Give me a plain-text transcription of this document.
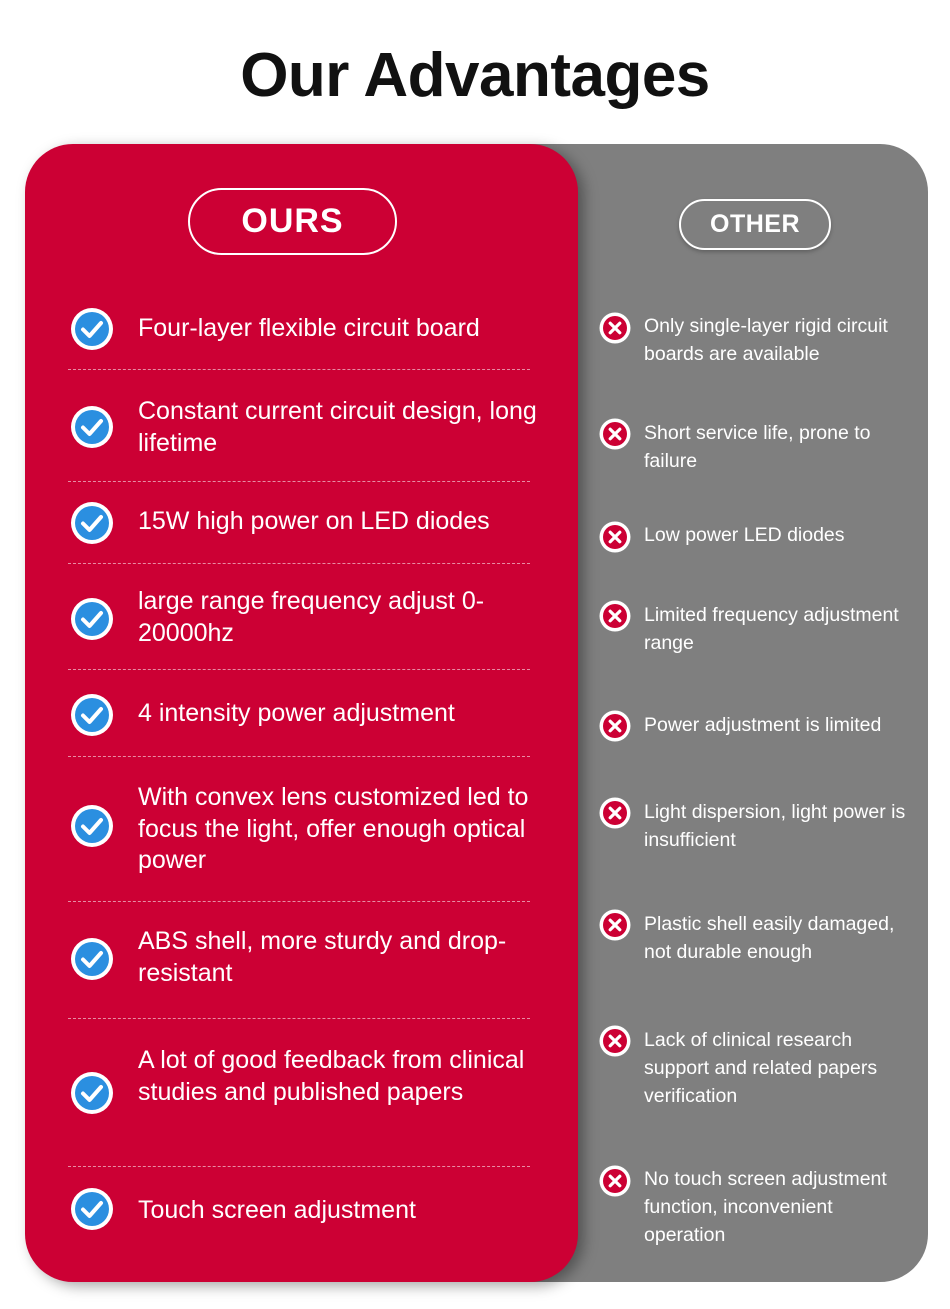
Our Advantages
OURS	OTHER
Four-layer flexible circuit board
Constant current circuit design, long lifetime
15W high power on LED diodes
large range frequency adjust 0-20000hz
4 intensity power adjustment
With convex lens customized led to focus the light, offer enough optical power
ABS shell, more sturdy and drop-resistant
A lot of good feedback from clinical studies and published papers
Touch screen adjustment
Only single-layer rigid circuit boards are available
Short service life, prone to failure
Low power LED diodes
Limited frequency adjustment range
Power adjustment is limited
Light dispersion, light power is insufficient
Plastic shell easily damaged, not durable enough
Lack of clinical research support and related papers verification
No touch screen adjustment function, inconvenient operation
